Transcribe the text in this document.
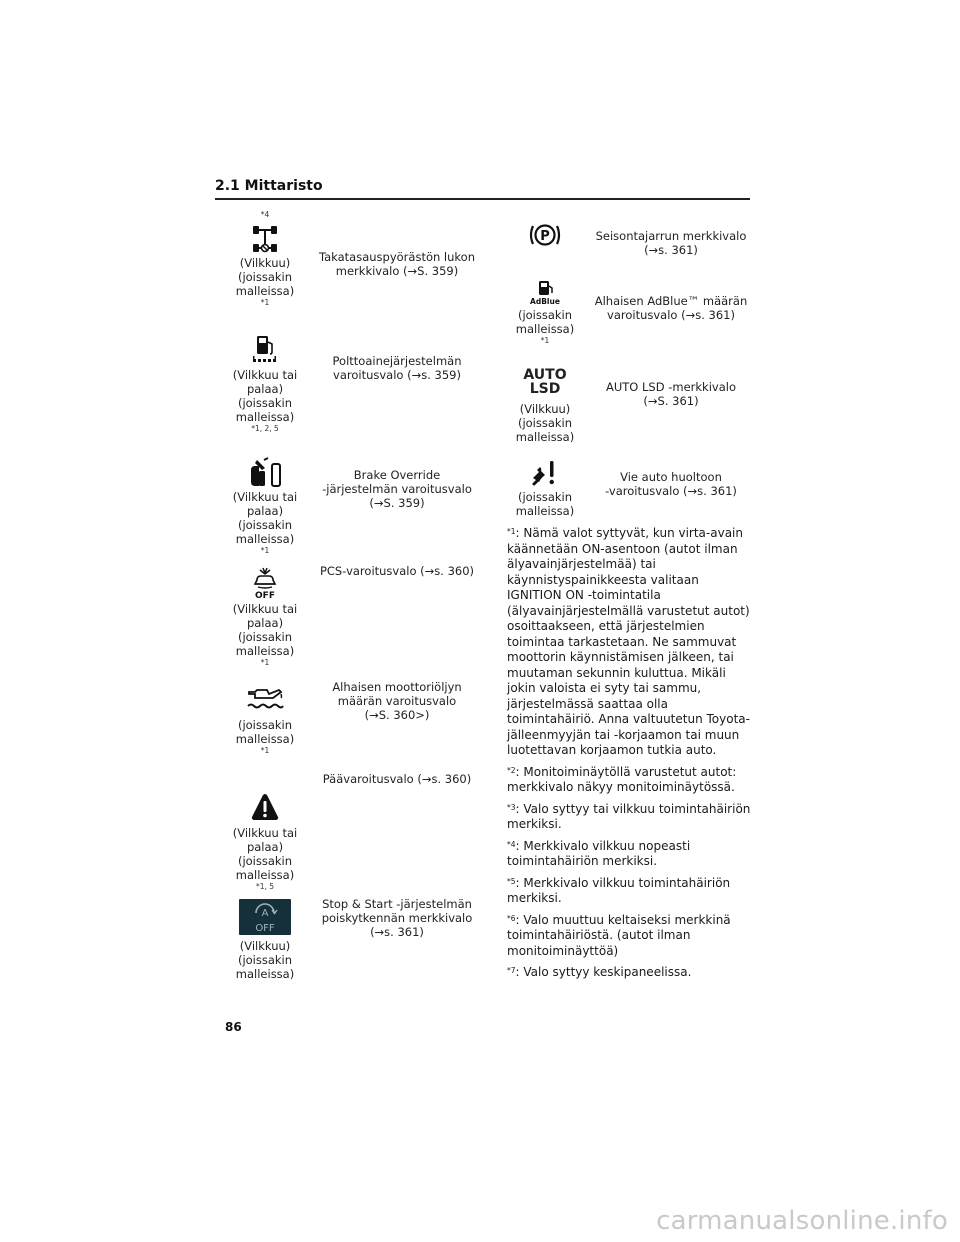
2.1 Mittaristo
*4
(Vilkkuu)
(joissakin
malleissa)
*1
Takatasauspyörästön lukon
merkkivalo (→S. 359)
(Vilkkuu tai
palaa)
(joissakin
malleissa)
*1, 2, 5
Polttoainejärjestelmän
varoitusvalo (→s. 359)
(Vilkkuu tai
palaa)
(joissakin
malleissa)
*1
Brake Override
-järjestelmän varoitusvalo
(→S. 359)
OFF
(Vilkkuu tai
palaa)
(joissakin
malleissa)
*1
PCS-varoitusvalo (→s. 360)
(joissakin
malleissa)
*1
Alhaisen moottoriöljyn
määrän varoitusvalo
(→S. 360>)
(Vilkkuu tai
palaa)
(joissakin
malleissa)
*1, 5
Päävaroitusvalo (→s. 360)
A
OFF
(Vilkkuu)
(joissakin
malleissa)
Stop & Start -järjestelmän
poiskytkennän merkkivalo
(→s. 361)
P	Seisontajarrun merkkivalo
(→s. 361)
AdBlue
(joissakin
malleissa)
*1
Alhaisen AdBlue™ määrän
varoitusvalo (→s. 361)
AUTO
LSD
(Vilkkuu)
(joissakin
malleissa)
AUTO LSD -merkkivalo
(→S. 361)
(joissakin
malleissa)
Vie auto huoltoon
-varoitusvalo (→s. 361)

$^{*1}$: Nämä valot syttyvät, kun virta-avain käännetään ON-asentoon (autot ilman älyavainjärjestelmää) tai käynnistyspainikkeesta valitaan IGNITION ON -toimintatila (älyavainjärjestelmällä varustetut autot) osoittaakseen, että järjestelmien toimintaa tarkastetaan. Ne sammuvat moottorin käynnistämisen jälkeen, tai muutaman sekunnin kuluttua. Mikäli jokin valoista ei syty tai sammu, järjestelmässä saattaa olla toimintahäiriö. Anna valtuutetun Toyota-jälleenmyyjän tai -korjaamon tai muun luotettavan korjaamon tutkia auto.

$^{*2}$: Monitoiminäytöllä varustetut autot: merkkivalo näkyy monitoiminäytössä.

$^{*3}$: Valo syttyy tai vilkkuu toimintahäiriön merkiksi.

$^{*4}$: Merkkivalo vilkkuu nopeasti toimintahäiriön merkiksi.

$^{*5}$: Merkkivalo vilkkuu toimintahäiriön merkiksi.

$^{*6}$: Valo muuttuu keltaiseksi merkkinä toimintahäiriöstä. (autot ilman monitoiminäyttöä)

$^{*7}$: Valo syttyy keskipaneelissa.

86
carmanualsonline.info
